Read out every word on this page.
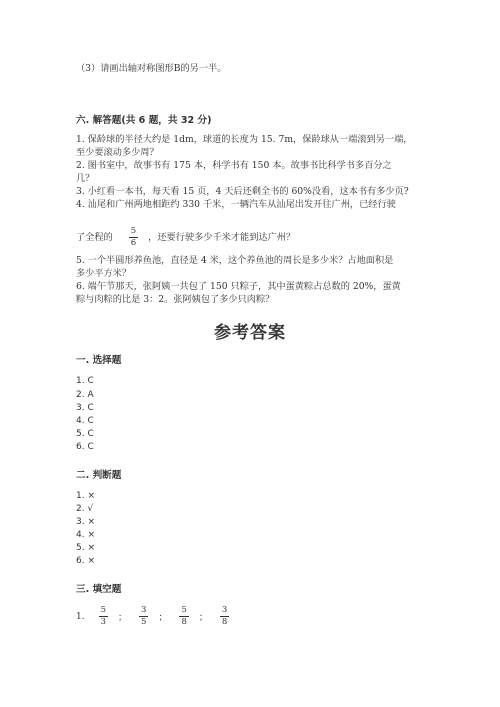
（3）请画出轴对称图形B的另一半。
六. 解答题(共 6 题，共 32 分)
1. 保龄球的半径大约是 1dm，球道的长度为 15. 7m，保龄球从一端滚到另一端，
至少要滚动多少周？
2. 图书室中，故事书有 175 本，科学书有 150 本。故事书比科学书多百分之
几？
3. 小红看一本书，每天看 15 页，4 天后还剩全书的 60%没看，这本书有多少页?
4. 汕尾和广州两地相距约 330 千米，一辆汽车从汕尾出发开往广州，已经行驶
了全程的 $\frac{5}{6}$ ，还要行驶多少千米才能到达广州？
5. 一个半圆形养鱼池，直径是 4 米，这个养鱼池的周长是多少米？占地面积是
多少平方米？
6. 端午节那天，张阿姨一共包了 150 只粽子，其中蛋黄粽占总数的 20%，蛋黄
粽与肉粽的比是 3：2。张阿姨包了多少只肉粽？
参考答案
一. 选择题
1. C
2. A
3. C
4. C
5. C
6. C
二. 判断题
1. ×
2. √
3. ×
4. ×
5. ×
6. ×
三. 填空题
1. $\frac{5}{3}$ ； $\frac{3}{5}$ ； $\frac{5}{8}$ ； $\frac{3}{8}$
